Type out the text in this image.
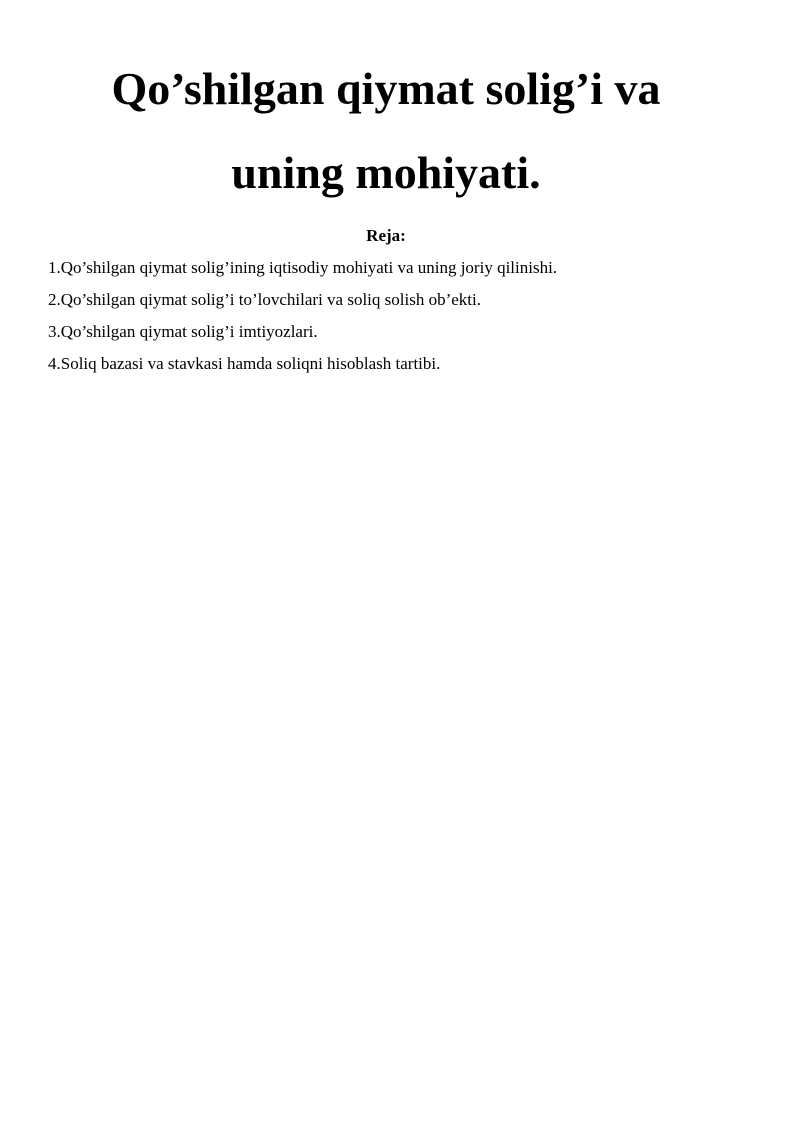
Qo’shilgan qiymat solig’i va
uning mohiyati.

Reja:

1.Qo’shilgan qiymat solig’ining iqtisodiy mohiyati va uning joriy qilinishi.
2.Qo’shilgan qiymat solig’i to’lovchilari va soliq solish ob’ekti.
3.Qo’shilgan qiymat solig’i imtiyozlari.
4.Soliq bazasi va stavkasi hamda soliqni hisoblash tartibi.
